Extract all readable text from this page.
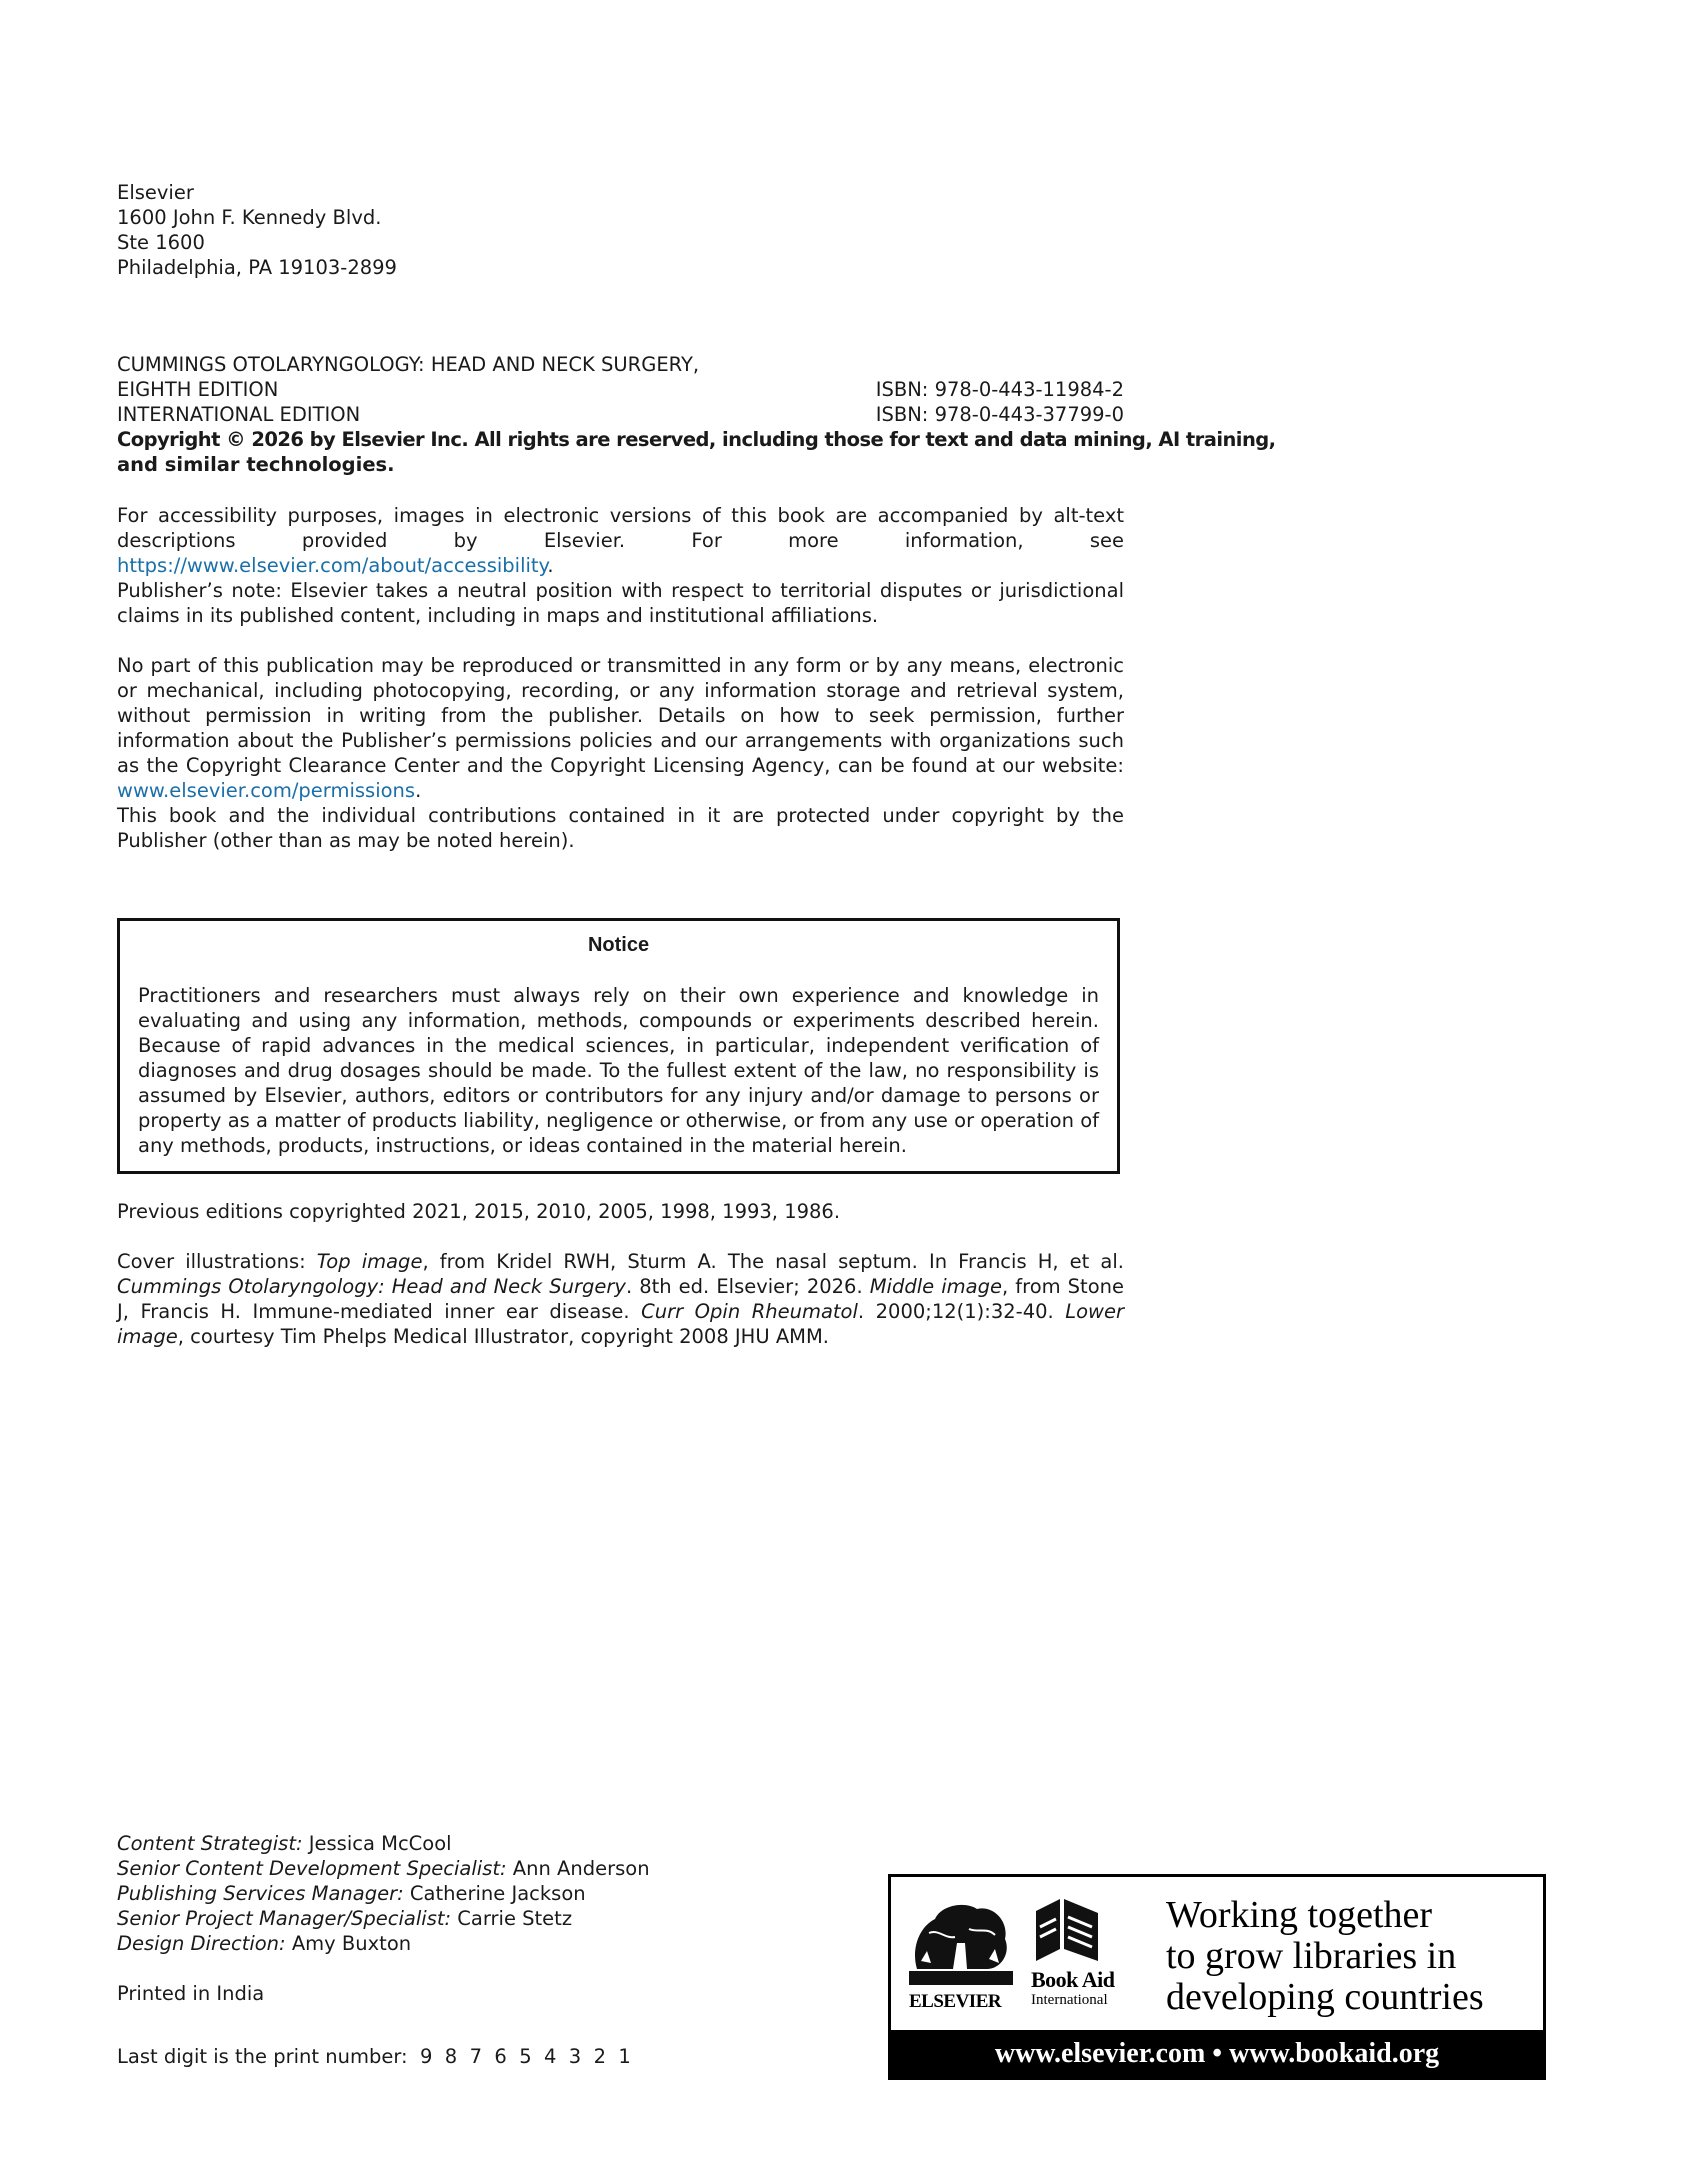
Elsevier
1600 John F. Kennedy Blvd.
Ste 1600
Philadelphia, PA 19103-2899
CUMMINGS OTOLARYNGOLOGY: HEAD AND NECK SURGERY,
EIGHTH EDITION	ISBN: 978-0-443-11984-2
INTERNATIONAL EDITION	ISBN: 978-0-443-37799-0
Copyright © 2026 by Elsevier Inc. All rights are reserved, including those for text and data mining, AI training,
and similar technologies.
For accessibility purposes, images in electronic versions of this book are accompanied by alt-text descriptions provided by Elsevier. For more information, see https://www.elsevier.com/about/accessibility.
Publisher’s note: Elsevier takes a neutral position with respect to territorial disputes or jurisdictional claims in its published content, including in maps and institutional affiliations.
No part of this publication may be reproduced or transmitted in any form or by any means, electronic or mechanical, including photocopying, recording, or any information storage and retrieval system, without permission in writing from the publisher. Details on how to seek permission, further information about the Publisher’s permissions policies and our arrangements with organizations such as the Copyright Clearance Center and the Copyright Licensing Agency, can be found at our website: www.elsevier.com/permissions.
This book and the individual contributions contained in it are protected under copyright by the Publisher (other than as may be noted herein).
Notice
Practitioners and researchers must always rely on their own experience and knowledge in evaluating and using any information, methods, compounds or experiments described herein. Because of rapid advances in the medical sciences, in particular, independent verification of diagnoses and drug dosages should be made. To the fullest extent of the law, no responsibility is assumed by Elsevier, authors, editors or contributors for any injury and/or damage to persons or property as a matter of products liability, negligence or otherwise, or from any use or operation of any methods, products, instructions, or ideas contained in the material herein.
Previous editions copyrighted 2021, 2015, 2010, 2005, 1998, 1993, 1986.
Cover illustrations: Top image, from Kridel RWH, Sturm A. The nasal septum. In Francis H, et al. Cummings Otolaryngology: Head and Neck Surgery. 8th ed. Elsevier; 2026. Middle image, from Stone J, Francis H. Immune-mediated inner ear disease. Curr Opin Rheumatol. 2000;12(1):32-40. Lower image, courtesy Tim Phelps Medical Illustrator, copyright 2008 JHU AMM.
Content Strategist: Jessica McCool
Senior Content Development Specialist: Ann Anderson
Publishing Services Manager: Catherine Jackson
Senior Project Manager/Specialist: Carrie Stetz
Design Direction: Amy Buxton
Printed in India
Last digit is the print number:  9  8  7  6  5  4  3  2  1
ELSEVIER
Book Aid
International
Working together
to grow libraries in
developing countries
www.elsevier.com • www.bookaid.org
